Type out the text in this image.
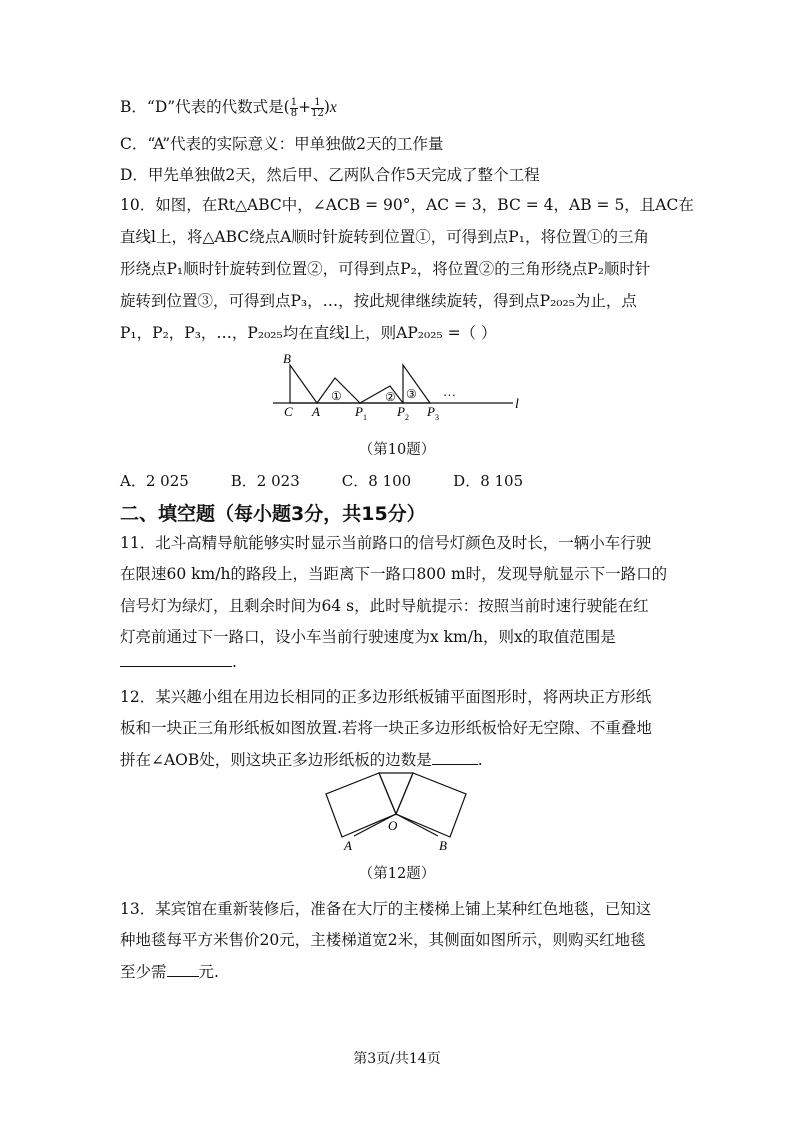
B．“D”代表的代数式是( $\frac{1}{8} + \frac{1}{12} )x$
C．“A”代表的实际意义：甲单独做2天的工作量
D．甲先单独做2天，然后甲、乙两队合作5天完成了整个工程
10．如图，在Rt△ABC中，∠ACB = 90°，AC = 3，BC = 4，AB = 5，且AC在
直线l上，将△ABC绕点A顺时针旋转到位置①，可得到点P₁，将位置①的三角
形绕点P₁顺时针旋转到位置②，可得到点P₂，将位置②的三角形绕点P₂顺时针
旋转到位置③，可得到点P₃，…，按此规律继续旋转，得到点P₂₀₂₅为止，点
P₁，P₂，P₃，…，P₂₀₂₅均在直线l上，则AP₂₀₂₅ =（ ）
B
C A	P 1 P 2 P 3
l
①	② ③ …
（第10题）
A．2 025	B．2 023	C．8 100	D．8 105
二、填空题（每小题3分，共15分）
11．北斗高精导航能够实时显示当前路口的信号灯颜色及时长，一辆小车行驶
在限速60 km/h的路段上，当距离下一路口800 m时，发现导航显示下一路口的
信号灯为绿灯，且剩余时间为64 s，此时导航提示：按照当前时速行驶能在红
灯亮前通过下一路口，设小车当前行驶速度为x km/h，则x的取值范围是
.
12．某兴趣小组在用边长相同的正多边形纸板铺平面图形时，将两块正方形纸
板和一块正三角形纸板如图放置.若将一块正多边形纸板恰好无空隙、不重叠地
拼在∠AOB处，则这块正多边形纸板的边数是	.
O
A	B
（第12题）
13．某宾馆在重新装修后，准备在大厅的主楼梯上铺上某种红色地毯，已知这
种地毯每平方米售价20元，主楼梯道宽2米，其侧面如图所示，则购买红地毯
至少需 元.
第3页/共14页
